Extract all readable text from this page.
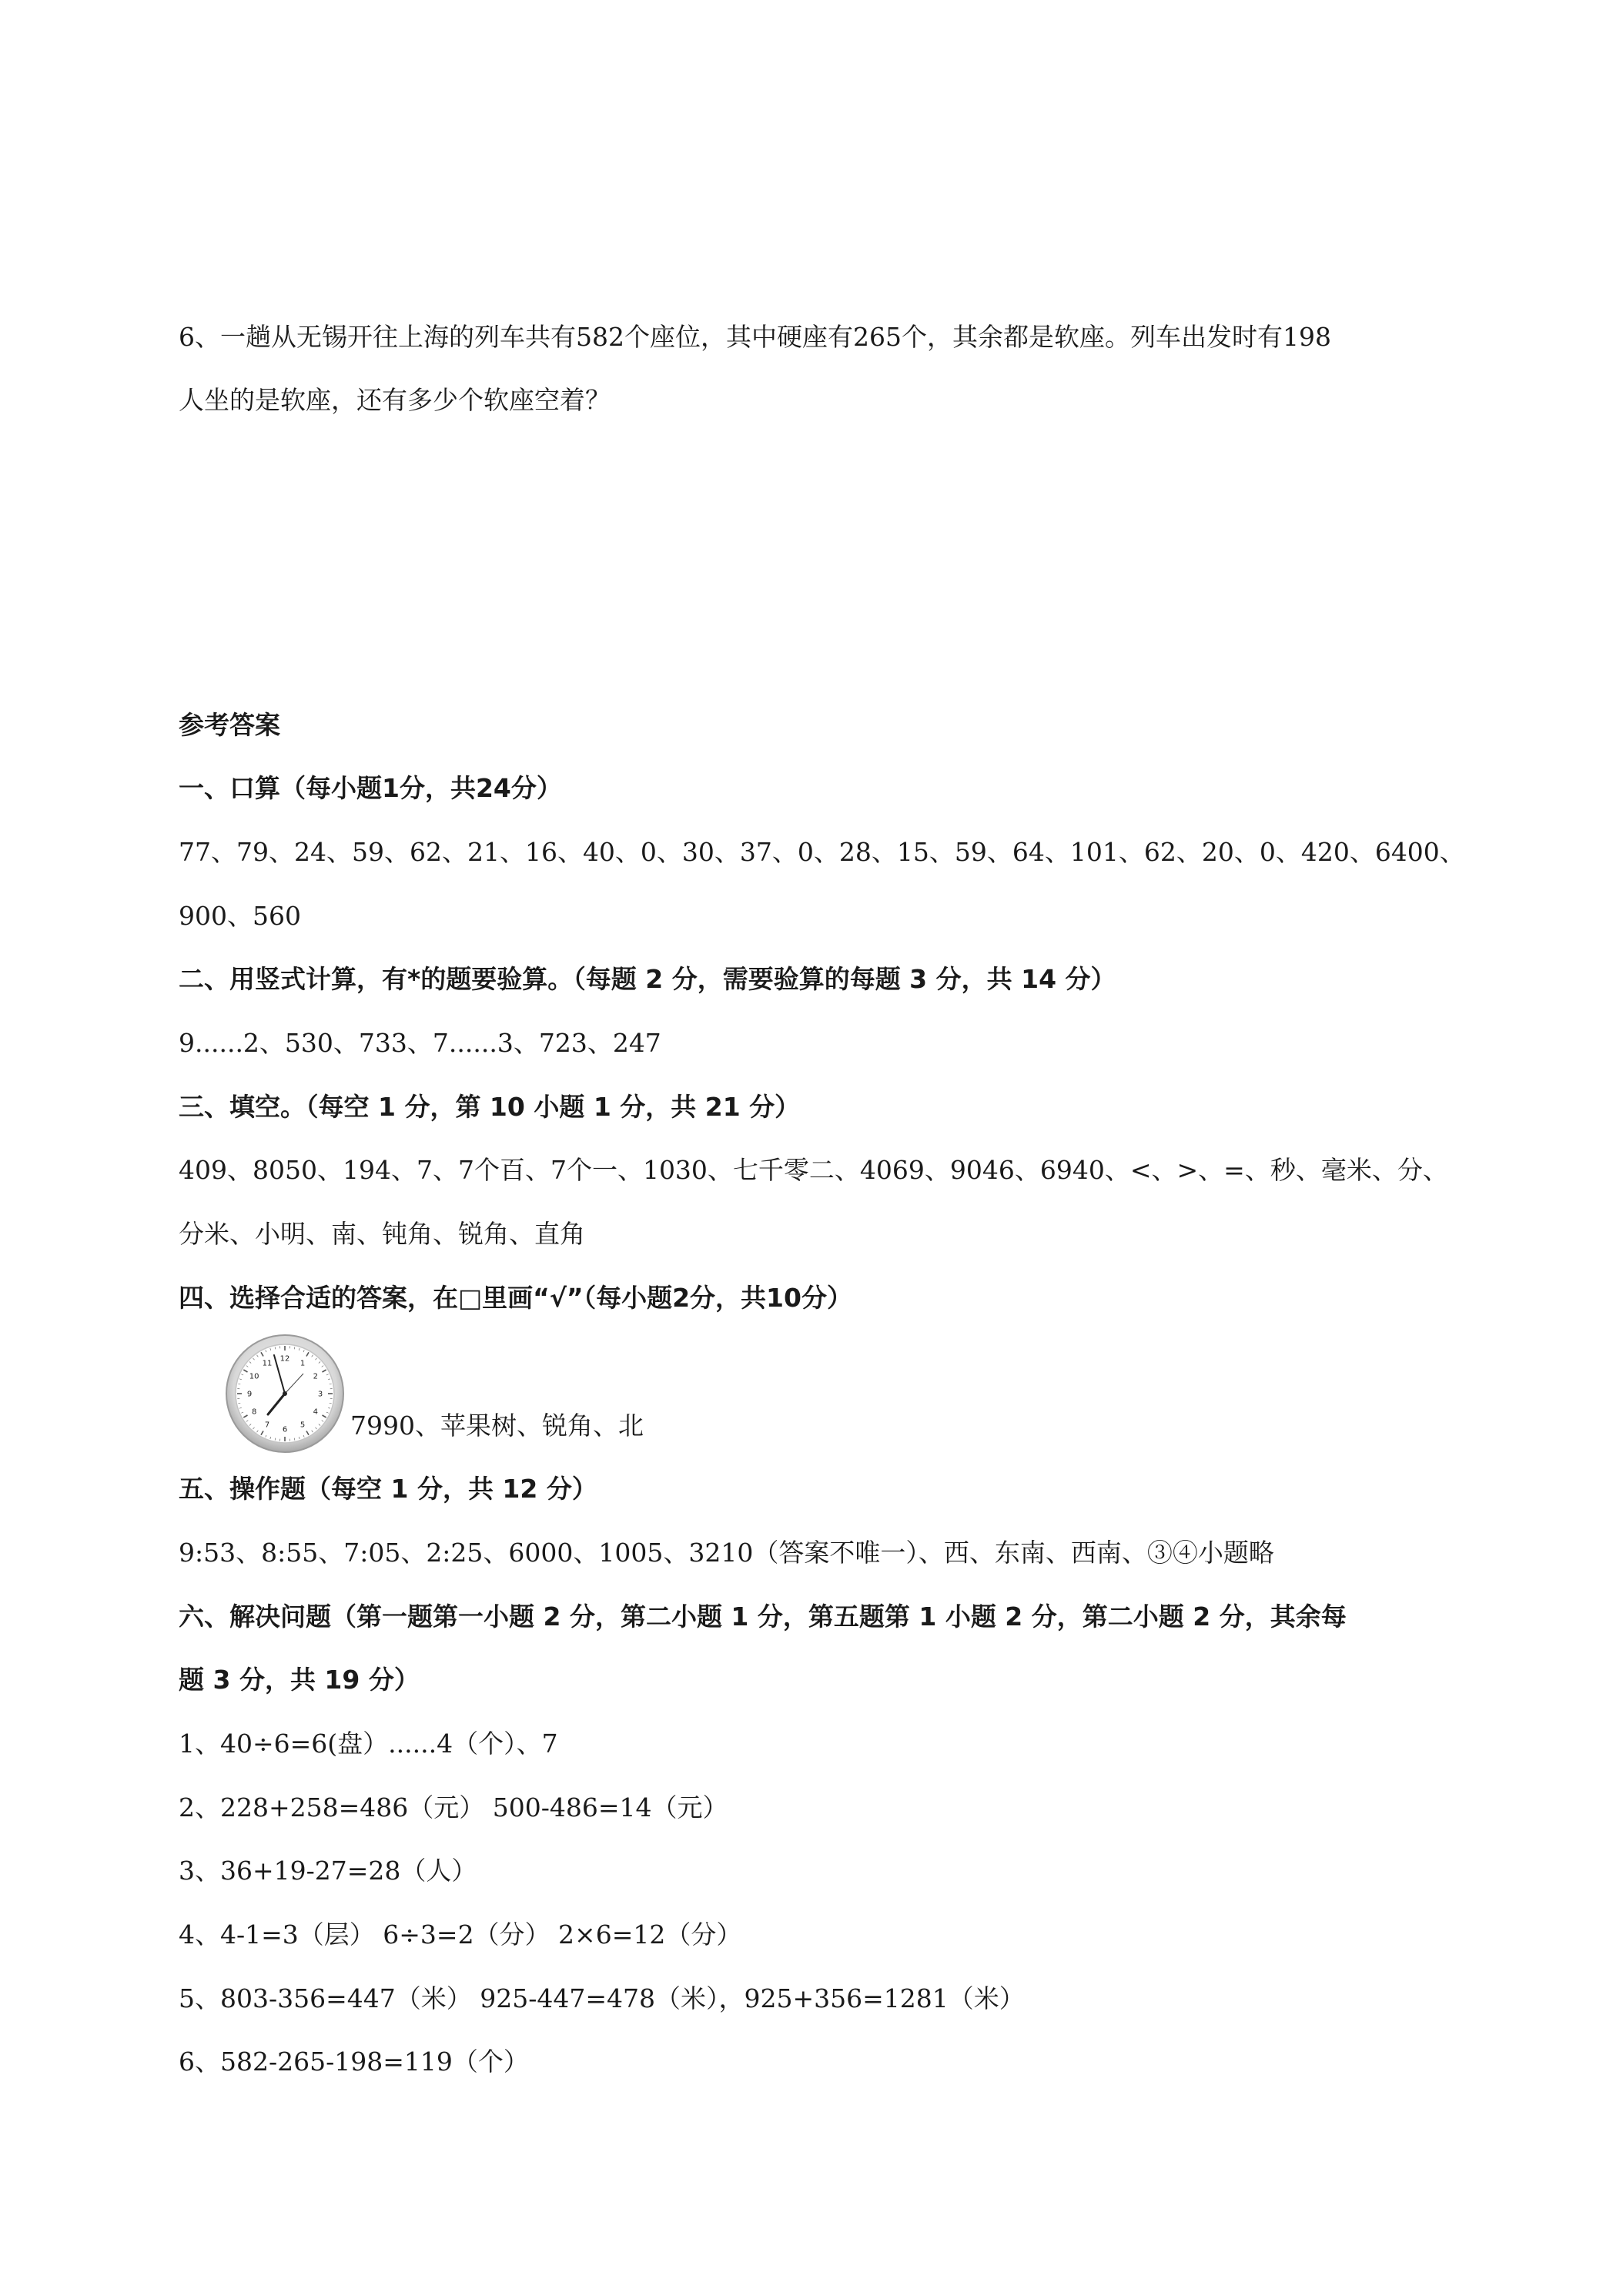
6、一趟从无锡开往上海的列车共有582个座位，其中硬座有265个，其余都是软座。列车出发时有198
人坐的是软座，还有多少个软座空着？
参考答案
一、口算（每小题1分，共24分）
77、79、24、59、62、21、16、40、0、30、37、0、28、15、59、64、101、62、20、0、420、6400、
900、560
二、用竖式计算，有*的题要验算。（每题 2 分，需要验算的每题 3 分，共 14 分）
9......2、530、733、7......3、723、247
三、填空。（每空 1 分，第 10 小题 1 分，共 21 分）
409、8050、194、7、7个百、7个一、1030、七千零二、4069、9046、6940、<、>、=、秒、毫米、分、
分米、小明、南、钝角、锐角、直角
四、选择合适的答案，在□里画“√”（每小题2分，共10分）
12
1
2
3
4
5
6
7
8
9
10
11
7990、苹果树、锐角、北
五、操作题（每空 1 分，共 12 分）
9:53、8:55、7:05、2:25、6000、1005、3210（答案不唯一）、西、东南、西南、③④小题略
六、解决问题（第一题第一小题 2 分，第二小题 1 分，第五题第 1 小题 2 分，第二小题 2 分，其余每
题 3 分，共 19 分）
1、40÷6=6(盘）......4（个）、7
2、228+258=486（元） 500-486=14（元）
3、36+19-27=28（人）
4、4-1=3（层） 6÷3=2（分） 2×6=12（分）
5、803-356=447（米） 925-447=478（米），925+356=1281（米）
6、582-265-198=119（个）
